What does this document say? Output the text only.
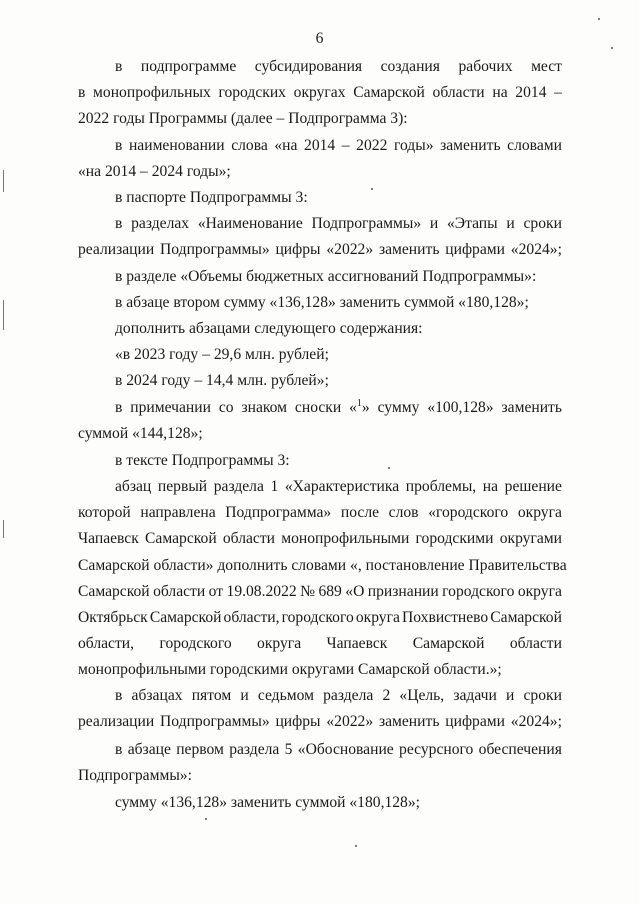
6
в подпрограмме субсидирования создания рабочих мест
в монопрофильных городских округах Самарской области на 2014 –
2022 годы Программы (далее – Подпрограмма 3):
в наименовании слова «на 2014 – 2022 годы» заменить словами
«на 2014 – 2024 годы»;
в паспорте Подпрограммы 3:
в разделах «Наименование Подпрограммы» и «Этапы и сроки
реализации Подпрограммы» цифры «2022» заменить цифрами «2024»;
в разделе «Объемы бюджетных ассигнований Подпрограммы»:
в абзаце втором сумму «136,128» заменить суммой «180,128»;
дополнить абзацами следующего содержания:
«в 2023 году – 29,6 млн. рублей;
в 2024 году – 14,4 млн. рублей»;
в примечании со знаком сноски «$^1$» сумму «100,128» заменить
суммой «144,128»;
в тексте Подпрограммы 3:
абзац первый раздела 1 «Характеристика проблемы, на решение
которой направлена Подпрограмма» после слов «городского округа
Чапаевск Самарской области монопрофильными городскими округами
Самарской области» дополнить словами «, постановление Правительства
Самарской области от 19.08.2022 № 689 «О признании городского округа
Октябрьск Самарской области, городского округа Похвистнево Самарской
области, городского округа Чапаевск Самарской области
монопрофильными городскими округами Самарской области.»;
в абзацах пятом и седьмом раздела 2 «Цель, задачи и сроки
реализации Подпрограммы» цифры «2022» заменить цифрами «2024»;
в абзаце первом раздела 5 «Обоснование ресурсного обеспечения
Подпрограммы»:
сумму «136,128» заменить суммой «180,128»;
